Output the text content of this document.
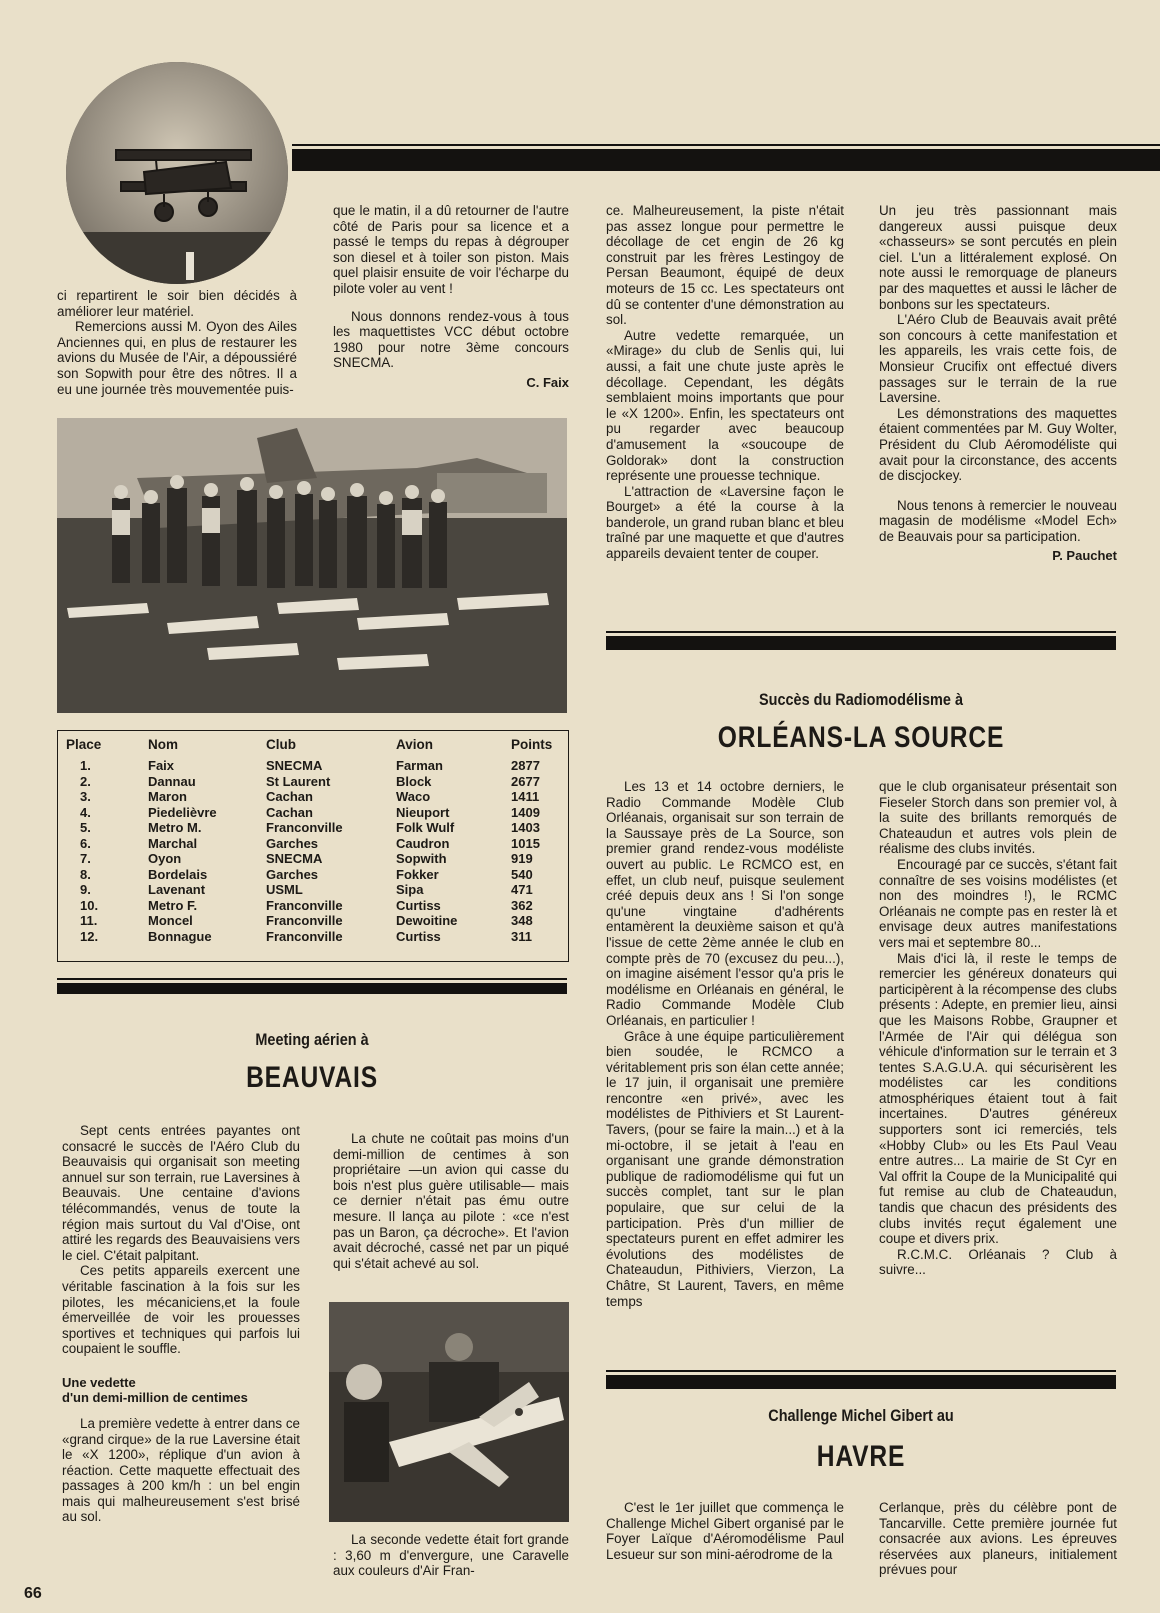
ci repartirent le soir bien décidés à améliorer leur matériel.

Remercions aussi M. Oyon des Ailes Anciennes qui, en plus de restaurer les avions du Musée de l'Air, a dépoussiéré son Sopwith pour être des nôtres. Il a eu une journée très mouvementée puis-

que le matin, il a dû retourner de l'autre côté de Paris pour sa licence et a passé le temps du repas à dégrouper son diesel et à toiler son piston. Mais quel plaisir ensuite de voir l'écharpe du pilote voler au vent !

Nous donnons rendez-vous à tous les maquettistes VCC début octobre 1980 pour notre 3ème concours SNECMA.

C. Faix

ce. Malheureusement, la piste n'était pas assez longue pour permettre le décollage de cet engin de 26 kg construit par les frères Lestingoy de Persan Beaumont, équipé de deux moteurs de 15 cc. Les spectateurs ont dû se contenter d'une démonstration au sol.

Autre vedette remarquée, un «Mirage» du club de Senlis qui, lui aussi, a fait une chute juste après le décollage. Cependant, les dégâts semblaient moins importants que pour le «X 1200». Enfin, les spectateurs ont pu regarder avec beaucoup d'amusement la «soucoupe de Goldorak» dont la construction représente une prouesse technique.

L'attraction de «Laversine façon le Bourget» a été la course à la banderole, un grand ruban blanc et bleu traîné par une maquette et que d'autres appareils devaient tenter de couper.

Un jeu très passionnant mais dangereux aussi puisque deux «chasseurs» se sont percutés en plein ciel. L'un a littéralement explosé. On note aussi le remorquage de planeurs par des maquettes et aussi le lâcher de bonbons sur les spectateurs.

L'Aéro Club de Beauvais avait prêté son concours à cette manifestation et les appareils, les vrais cette fois, de Monsieur Crucifix ont effectué divers passages sur le terrain de la rue Laversine.

Les démonstrations des maquettes étaient commentées par M. Guy Wolter, Président du Club Aéromodéliste qui avait pour la circonstance, des accents de discjockey.

Nous tenons à remercier le nouveau magasin de modélisme «Model Ech» de Beauvais pour sa participation.

P. Pauchet
Place	Nom	Club	Avion	Points
1.	Faix	SNECMA	Farman	2877
2.	Dannau	St Laurent	Block	2677
3.	Maron	Cachan	Waco	1411
4.	Piedelièvre	Cachan	Nieuport	1409
5.	Metro M.	Franconville	Folk Wulf	1403
6.	Marchal	Garches	Caudron	1015
7.	Oyon	SNECMA	Sopwith	919
8.	Bordelais	Garches	Fokker	540
9.	Lavenant	USML	Sipa	471
10.	Metro F.	Franconville	Curtiss	362
11.	Moncel	Franconville	Dewoitine	348
12.	Bonnague	Franconville	Curtiss	311
Meeting aérien à
BEAUVAIS

Sept cents entrées payantes ont consacré le succès de l'Aéro Club du Beauvaisis qui organisait son meeting annuel sur son terrain, rue Laversines à Beauvais. Une centaine d'avions télécommandés, venus de toute la région mais surtout du Val d'Oise, ont attiré les regards des Beauvaisiens vers le ciel. C'était palpitant.

Ces petits appareils exercent une véritable fascination à la fois sur les pilotes, les mécaniciens,et la foule émerveillée de voir les prouesses sportives et techniques qui parfois lui coupaient le souffle.

Une vedette
d'un demi-million de centimes

La première vedette à entrer dans ce «grand cirque» de la rue Laversine était le «X 1200», réplique d'un avion à réaction. Cette maquette effectuait des passages à 200 km/h : un bel engin mais qui malheureusement s'est brisé au sol.

La chute ne coûtait pas moins d'un demi-million de centimes à son propriétaire —un avion qui casse du bois n'est plus guère utilisable— mais ce dernier n'était pas ému outre mesure. Il lança au pilote : «ce n'est pas un Baron, ça décroche». Et l'avion avait décroché, cassé net par un piqué qui s'était achevé au sol.

La seconde vedette était fort grande : 3,60 m d'envergure, une Caravelle aux couleurs d'Air Fran-

Succès du Radiomodélisme à
ORLÉANS-LA SOURCE

Les 13 et 14 octobre derniers, le Radio Commande Modèle Club Orléanais, organisait sur son terrain de la Saussaye près de La Source, son premier grand rendez-vous modéliste ouvert au public. Le RCMCO est, en effet, un club neuf, puisque seulement créé depuis deux ans ! Si l'on songe qu'une vingtaine d'adhérents entamèrent la deuxième saison et qu'à l'issue de cette 2ème année le club en compte près de 70 (excusez du peu...), on imagine aisément l'essor qu'a pris le modélisme en Orléanais en général, le Radio Commande Modèle Club Orléanais, en particulier !

Grâce à une équipe particulièrement bien soudée, le RCMCO a véritablement pris son élan cette année; le 17 juin, il organisait une première rencontre «en privé», avec les modélistes de Pithiviers et St Laurent-Tavers, (pour se faire la main...) et à la mi-octobre, il se jetait à l'eau en organisant une grande démonstration publique de radiomodélisme qui fut un succès complet, tant sur le plan populaire, que sur celui de la participation. Près d'un millier de spectateurs purent en effet admirer les évolutions des modélistes de Chateaudun, Pithiviers, Vierzon, La Châtre, St Laurent, Tavers, en même temps

que le club organisateur présentait son Fieseler Storch dans son premier vol, à la suite des brillants remorqués de Chateaudun et autres vols plein de réalisme des clubs invités.

Encouragé par ce succès, s'étant fait connaître de ses voisins modélistes (et non des moindres !), le RCMC Orléanais ne compte pas en rester là et envisage deux autres manifestations vers mai et septembre 80...

Mais d'ici là, il reste le temps de remercier les généreux donateurs qui participèrent à la récompense des clubs présents : Adepte, en premier lieu, ainsi que les Maisons Robbe, Graupner et l'Armée de l'Air qui délégua son véhicule d'information sur le terrain et 3 tentes S.A.G.U.A. qui sécurisèrent les modélistes car les conditions atmosphériques étaient tout à fait incertaines. D'autres généreux supporters sont ici remerciés, tels «Hobby Club» ou les Ets Paul Veau entre autres... La mairie de St Cyr en Val offrit la Coupe de la Municipalité qui fut remise au club de Chateaudun, tandis que chacun des présidents des clubs invités reçut également une coupe et divers prix.

R.C.M.C. Orléanais ? Club à suivre...

Challenge Michel Gibert au
HAVRE

C'est le 1er juillet que commença le Challenge Michel Gibert organisé par le Foyer Laïque d'Aéromodélisme Paul Lesueur sur son mini-aérodrome de la

Cerlanque, près du célèbre pont de Tancarville. Cette première journée fut consacrée aux avions. Les épreuves réservées aux planeurs, initialement prévues pour

66
